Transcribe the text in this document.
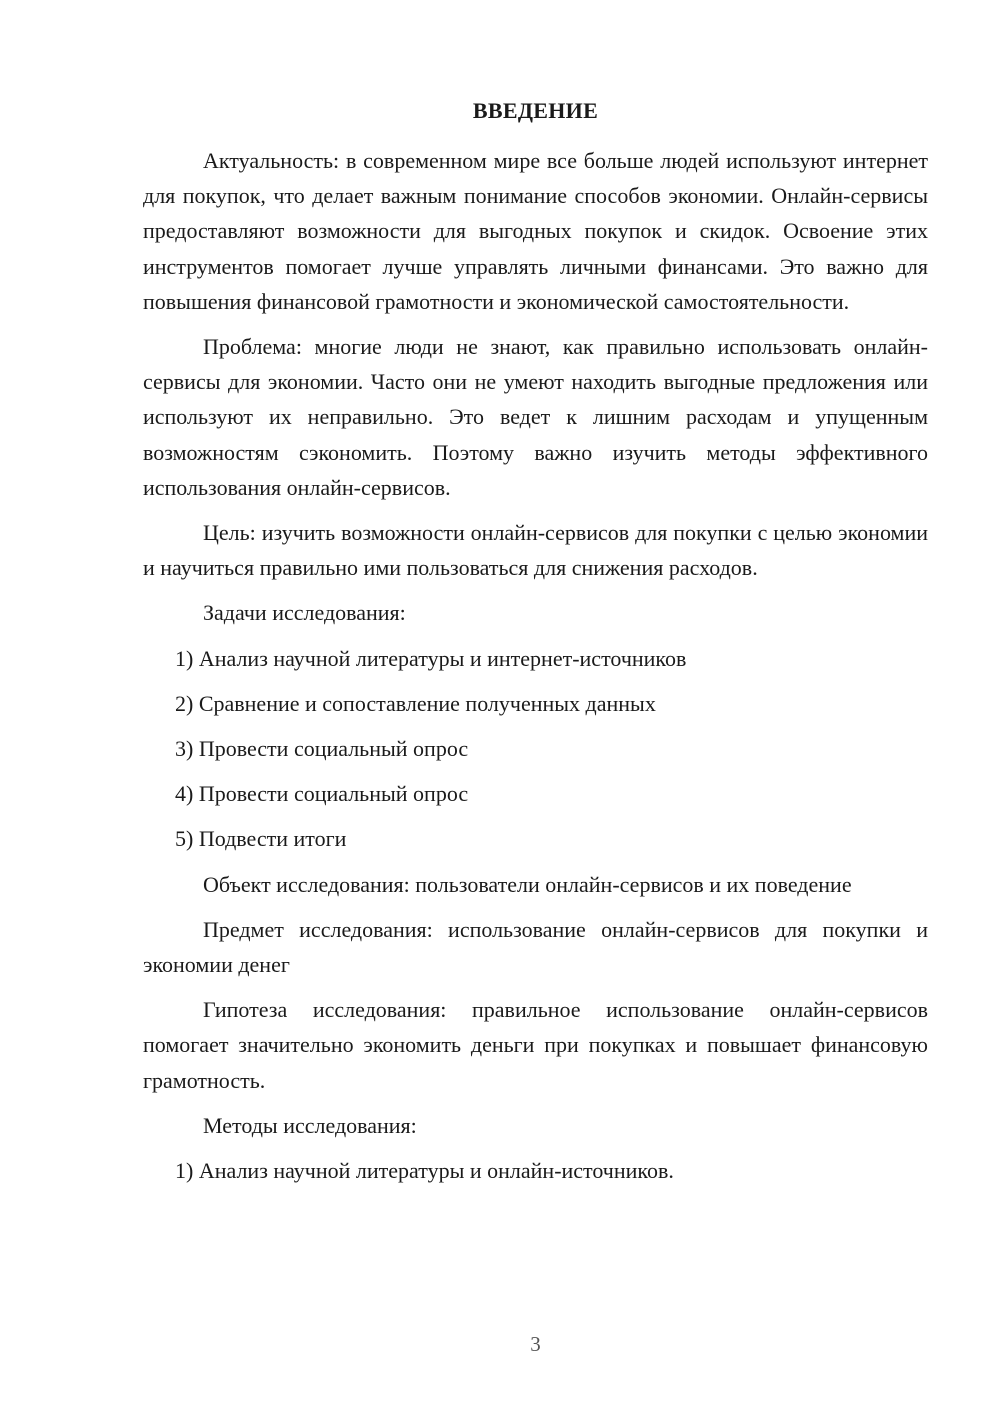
ВВЕДЕНИЕ

Актуальность: в современном мире все больше людей используют интернет для покупок, что делает важным понимание способов экономии. Онлайн-сервисы предоставляют возможности для выгодных покупок и скидок. Освоение этих инструментов помогает лучше управлять личными финансами. Это важно для повышения финансовой грамотности и экономической самостоятельности.

Проблема: многие люди не знают, как правильно использовать онлайн-сервисы для экономии. Часто они не умеют находить выгодные предложения или используют их неправильно. Это ведет к лишним расходам и упущенным возможностям сэкономить. Поэтому важно изучить методы эффективного использования онлайн-сервисов.

Цель: изучить возможности онлайн-сервисов для покупки с целью экономии и научиться правильно ими пользоваться для снижения расходов.

Задачи исследования:

1) Анализ научной литературы и интернет-источников

2) Сравнение и сопоставление полученных данных

3) Провести социальный опрос

4) Провести социальный опрос

5) Подвести итоги

Объект исследования: пользователи онлайн-сервисов и их поведение

Предмет исследования: использование онлайн-сервисов для покупки и экономии денег

Гипотеза исследования: правильное использование онлайн-сервисов помогает значительно экономить деньги при покупках и повышает финансовую грамотность.

Методы исследования:

1) Анализ научной литературы и онлайн-источников.

3
